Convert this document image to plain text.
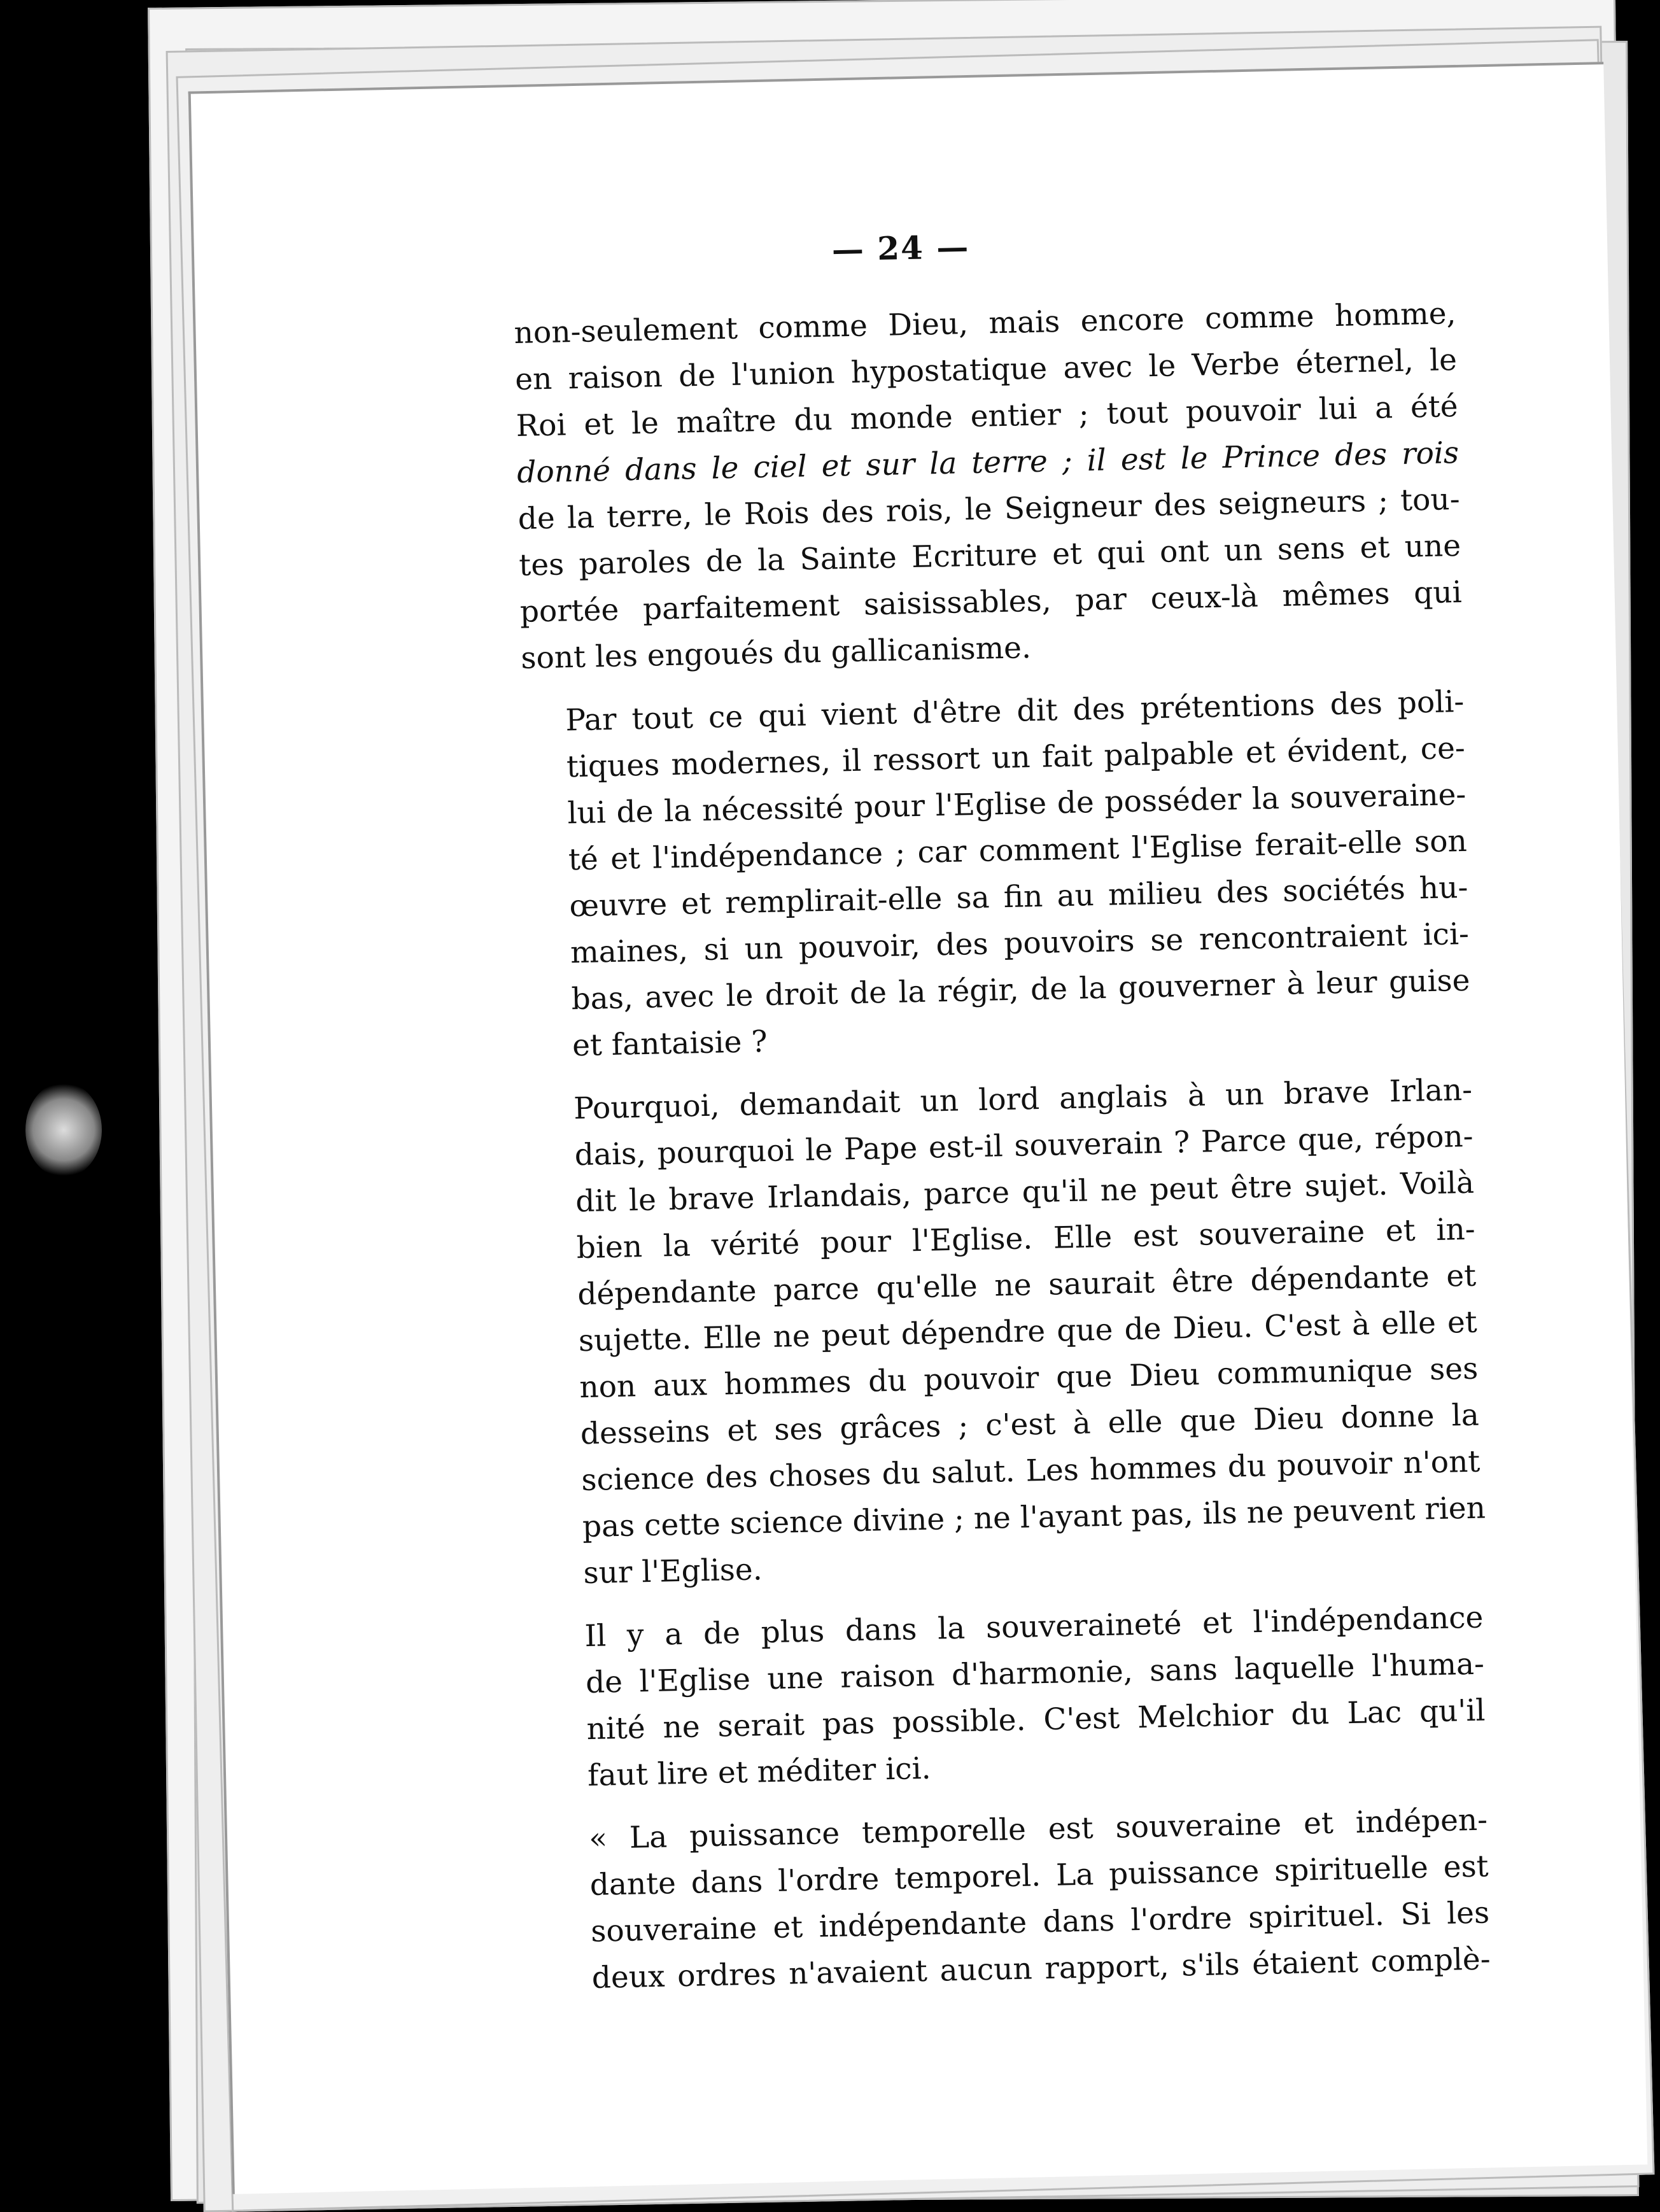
— 24 —

non-seulement comme Dieu, mais encore comme homme,
en raison de l'union hypostatique avec le Verbe éternel, le
Roi et le maître du monde entier ; tout pouvoir lui a été
donné dans le ciel et sur la terre ; il est le Prince des rois
de la terre, le Rois des rois, le Seigneur des seigneurs ; tou-
tes paroles de la Sainte Ecriture et qui ont un sens et une
portée parfaitement saisissables, par ceux-là mêmes qui
sont les engoués du gallicanisme.

Par tout ce qui vient d'être dit des prétentions des poli-
tiques modernes, il ressort un fait palpable et évident, ce-
lui de la nécessité pour l'Eglise de posséder la souveraine-
té et l'indépendance ; car comment l'Eglise ferait-elle son
œuvre et remplirait-elle sa fin au milieu des sociétés hu-
maines, si un pouvoir, des pouvoirs se rencontraient ici-
bas, avec le droit de la régir, de la gouverner à leur guise
et fantaisie ?

Pourquoi, demandait un lord anglais à un brave Irlan-
dais, pourquoi le Pape est-il souverain ? Parce que, répon-
dit le brave Irlandais, parce qu'il ne peut être sujet. Voilà
bien la vérité pour l'Eglise. Elle est souveraine et in-
dépendante parce qu'elle ne saurait être dépendante et
sujette. Elle ne peut dépendre que de Dieu. C'est à elle et
non aux hommes du pouvoir que Dieu communique ses
desseins et ses grâces ; c'est à elle que Dieu donne la
science des choses du salut. Les hommes du pouvoir n'ont
pas cette science divine ; ne l'ayant pas, ils ne peuvent rien
sur l'Eglise.

Il y a de plus dans la souveraineté et l'indépendance
de l'Eglise une raison d'harmonie, sans laquelle l'huma-
nité ne serait pas possible. C'est Melchior du Lac qu'il
faut lire et méditer ici.

« La puissance temporelle est souveraine et indépen-
dante dans l'ordre temporel. La puissance spirituelle est
souveraine et indépendante dans l'ordre spirituel. Si les
deux ordres n'avaient aucun rapport, s'ils étaient complè-
